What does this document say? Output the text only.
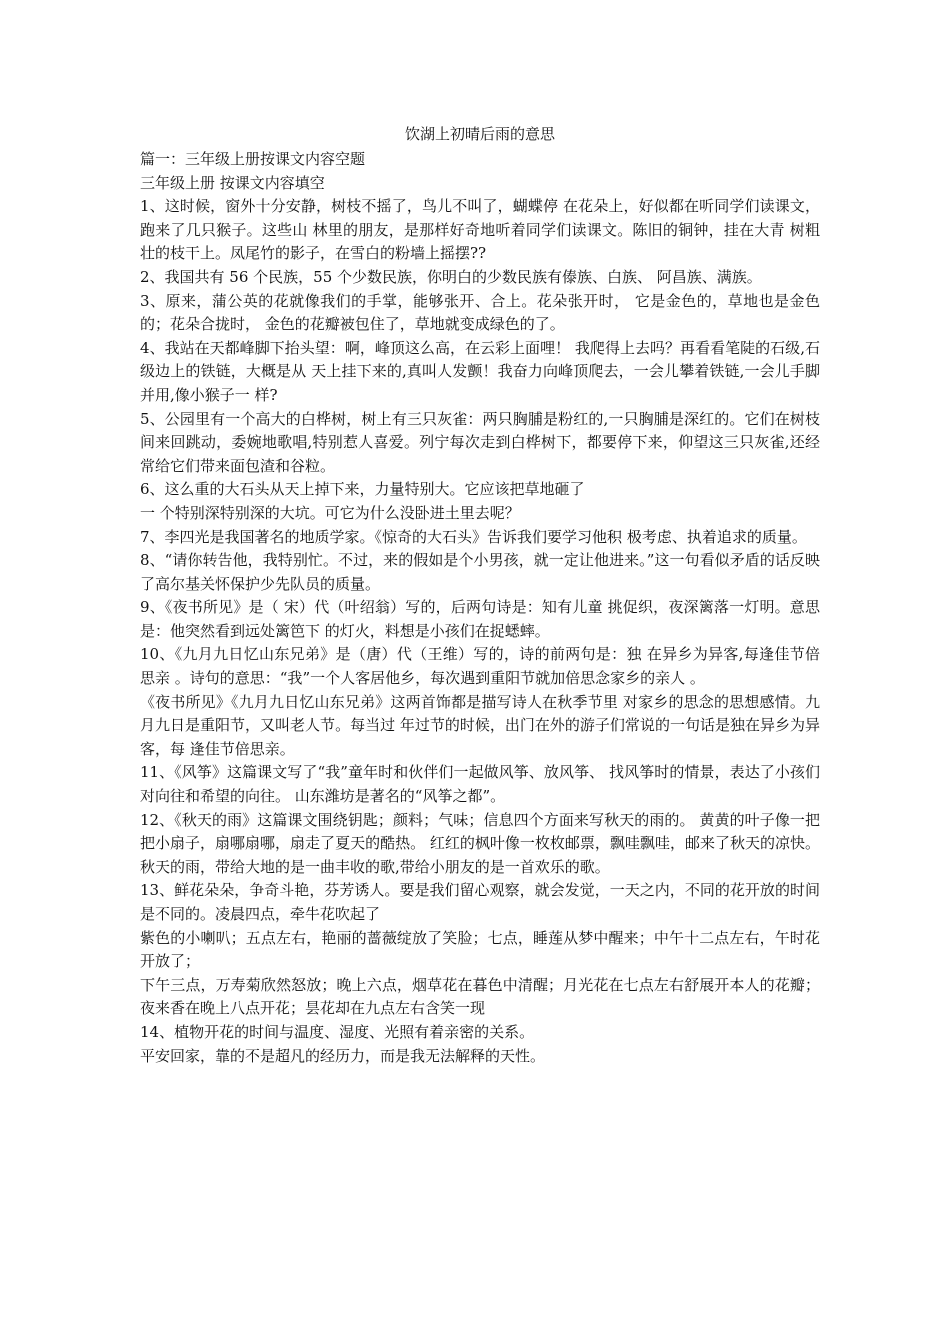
饮湖上初晴后雨的意思

篇一：三年级上册按课文内容空题

三年级上册 按课文内容填空

1、这时候，窗外十分安静，树枝不摇了，鸟儿不叫了，蝴蝶停 在花朵上，好似都在听同学们读课文，跑来了几只猴子。这些山 林里的朋友，是那样好奇地听着同学们读课文。陈旧的铜钟，挂在大青 树粗壮的枝干上。凤尾竹的影子，在雪白的粉墙上摇摆??

2、我国共有 56 个民族，55 个少数民族，你明白的少数民族有傣族、白族、 阿昌族、满族。

3、原来，蒲公英的花就像我们的手掌，能够张开、合上。花朵张开时， 它是金色的，草地也是金色的；花朵合拢时， 金色的花瓣被包住了，草地就变成绿色的了。

4、我站在天都峰脚下抬头望：啊，峰顶这么高，在云彩上面哩！ 我爬得上去吗？再看看笔陡的石级,石级边上的铁链，大概是从 天上挂下来的,真叫人发颤！我奋力向峰顶爬去，一会儿攀着铁链,一会儿手脚并用,像小猴子一 样?

5、公园里有一个高大的白桦树，树上有三只灰雀：两只胸脯是粉红的,一只胸脯是深红的。它们在树枝间来回跳动，委婉地歌唱,特别惹人喜爱。列宁每次走到白桦树下，都要停下来，仰望这三只灰雀,还经常给它们带来面包渣和谷粒。

6、这么重的大石头从天上掉下来，力量特别大。它应该把草地砸了

一 个特别深特别深的大坑。可它为什么没卧进土里去呢？

7、李四光是我国著名的地质学家。《惊奇的大石头》告诉我们要学习他积 极考虑、执着追求的质量。

8、“请你转告他，我特别忙。不过，来的假如是个小男孩，就一定让他进来。”这一句看似矛盾的话反映了高尔基关怀保护少先队员的质量。

9、《夜书所见》是（ 宋）代（叶绍翁）写的，后两句诗是：知有儿童 挑促织，夜深篱落一灯明。意思是：他突然看到远处篱笆下 的灯火，料想是小孩们在捉蟋蟀。

10、《九月九日忆山东兄弟》是（唐）代（王维）写的，诗的前两句是：独 在异乡为异客,每逢佳节倍思亲 。诗句的意思：“我”一个人客居他乡，每次遇到重阳节就加倍思念家乡的亲人 。

《夜书所见》《九月九日忆山东兄弟》这两首饰都是描写诗人在秋季节里 对家乡的思念的思想感情。九月九日是重阳节，又叫老人节。每当过 年过节的时候，出门在外的游子们常说的一句话是独在异乡为异客，每 逢佳节倍思亲。

11、《风筝》这篇课文写了“我”童年时和伙伴们一起做风筝、放风筝、 找风筝时的情景，表达了小孩们对向往和希望的向往。 山东潍坊是著名的“风筝之都”。

12、《秋天的雨》这篇课文围绕钥匙；颜料；气味；信息四个方面来写秋天的雨的。 黄黄的叶子像一把把小扇子，扇哪扇哪，扇走了夏天的酷热。 红红的枫叶像一枚枚邮票，飘哇飘哇，邮来了秋天的凉快。秋天的雨，带给大地的是一曲丰收的歌,带给小朋友的是一首欢乐的歌。

13、鲜花朵朵，争奇斗艳，芬芳诱人。要是我们留心观察，就会发觉，一天之内，不同的花开放的时间是不同的。凌晨四点，牵牛花吹起了

紫色的小喇叭；五点左右，艳丽的蔷薇绽放了笑脸；七点，睡莲从梦中醒来；中午十二点左右，午时花开放了；

下午三点，万寿菊欣然怒放；晚上六点，烟草花在暮色中清醒；月光花在七点左右舒展开本人的花瓣；夜来香在晚上八点开花；昙花却在九点左右含笑一现

14、植物开花的时间与温度、湿度、光照有着亲密的关系。

平安回家，靠的不是超凡的经历力，而是我无法解释的天性。
